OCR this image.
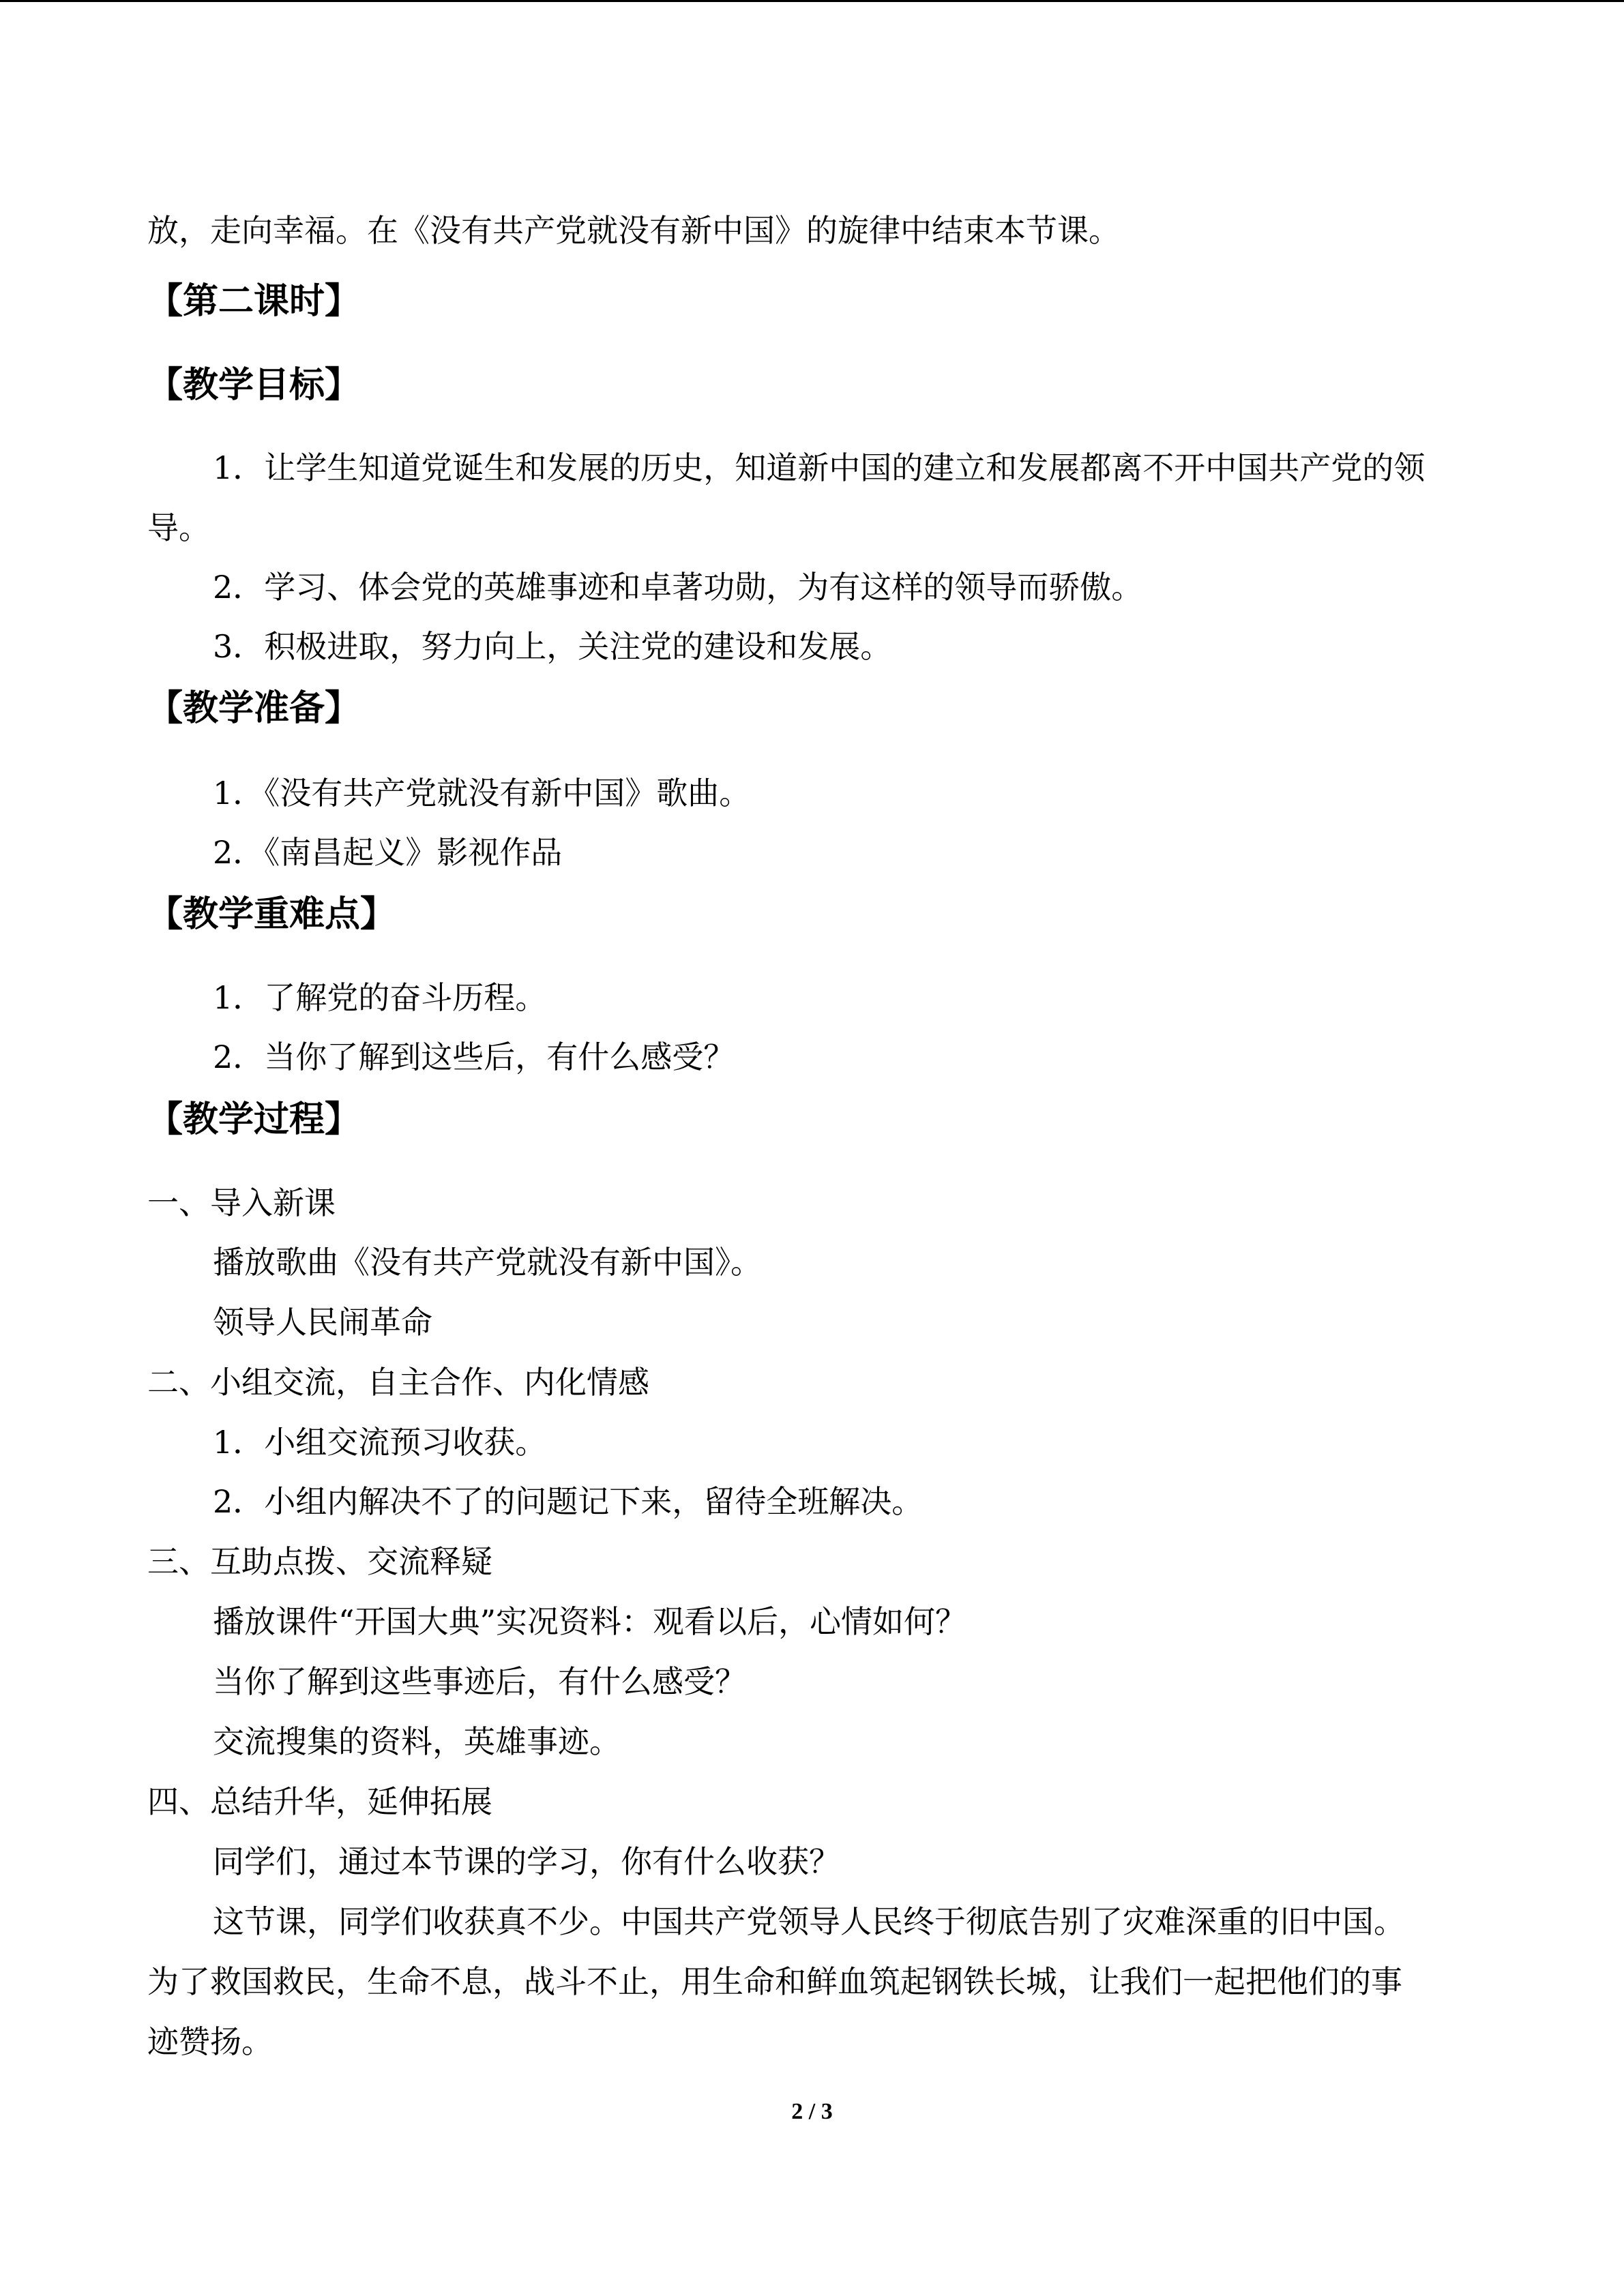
放，走向幸福。在《没有共产党就没有新中国》的旋律中结束本节课。
【第二课时】
【教学目标】
1．让学生知道党诞生和发展的历史，知道新中国的建立和发展都离不开中国共产党的领
导。
2．学习、体会党的英雄事迹和卓著功勋，为有这样的领导而骄傲。
3．积极进取，努力向上，关注党的建设和发展。
【教学准备】
1．《没有共产党就没有新中国》歌曲。
2．《南昌起义》影视作品
【教学重难点】
1．了解党的奋斗历程。
2．当你了解到这些后，有什么感受？
【教学过程】
一、导入新课
播放歌曲《没有共产党就没有新中国》。
领导人民闹革命
二、小组交流，自主合作、内化情感
1．小组交流预习收获。
2．小组内解决不了的问题记下来，留待全班解决。
三、互助点拨、交流释疑
播放课件“开国大典”实况资料：观看以后，心情如何？
当你了解到这些事迹后，有什么感受？
交流搜集的资料，英雄事迹。
四、总结升华，延伸拓展
同学们，通过本节课的学习，你有什么收获？
这节课，同学们收获真不少。中国共产党领导人民终于彻底告别了灾难深重的旧中国。
为了救国救民，生命不息，战斗不止，用生命和鲜血筑起钢铁长城，让我们一起把他们的事
迹赞扬。
2 / 3
